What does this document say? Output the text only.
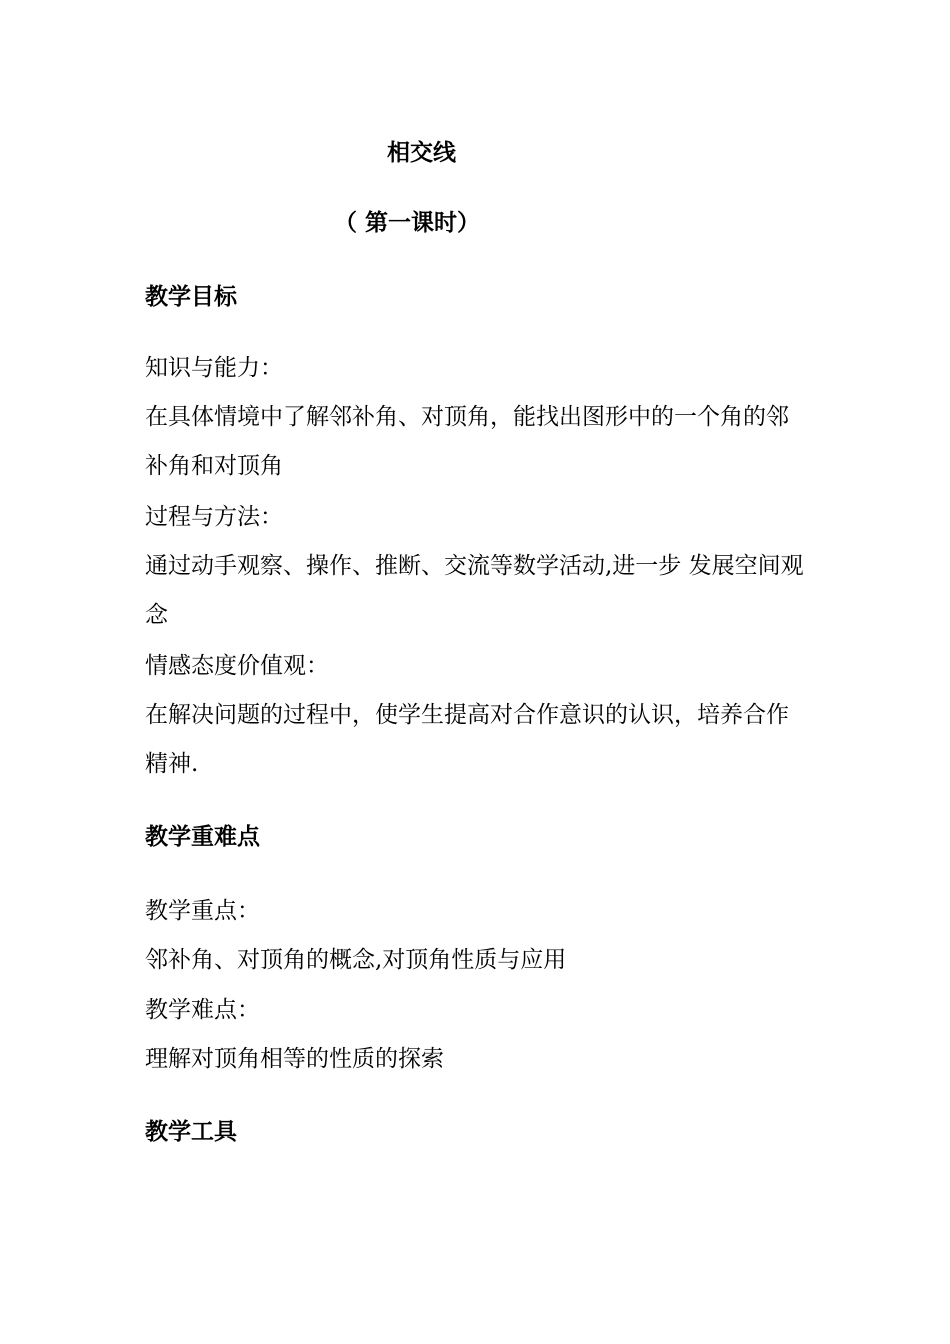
相交线
（ 第一课时）
教学目标
知识与能力：
在具体情境中了解邻补角、对顶角，能找出图形中的一个角的邻补角和对顶角
过程与方法：
通过动手观察、操作、推断、交流等数学活动,进一步 发展空间观念
情感态度价值观：
在解决问题的过程中，使学生提高对合作意识的认识，培养合作精神.
教学重难点
教学重点：
邻补角、对顶角的概念,对顶角性质与应用
教学难点：
理解对顶角相等的性质的探索
教学工具
